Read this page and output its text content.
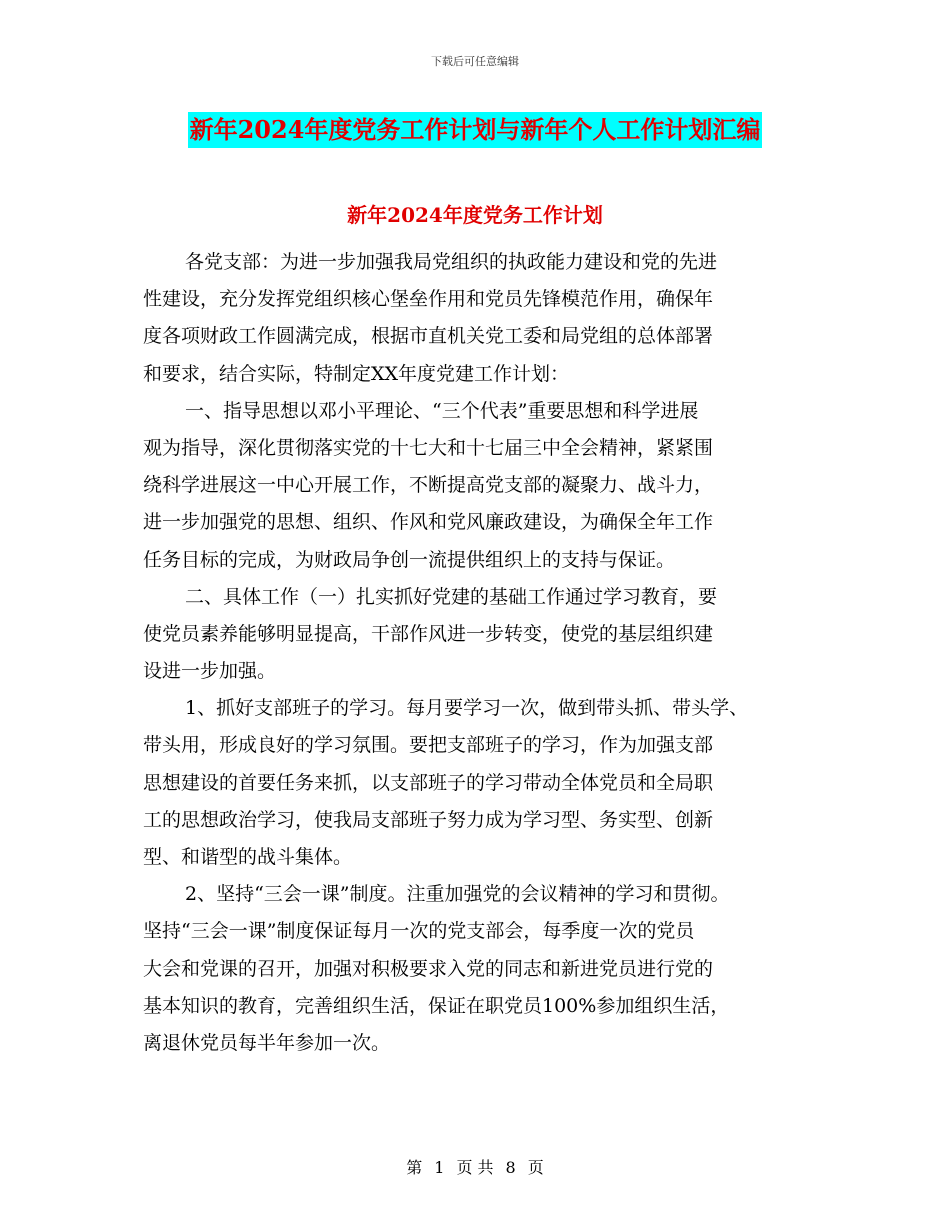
下载后可任意编辑
新年2024年度党务工作计划与新年个人工作计划汇编
新年2024年度党务工作计划
各党支部：为进一步加强我局党组织的执政能力建设和党的先进
性建设，充分发挥党组织核心堡垒作用和党员先锋模范作用，确保年
度各项财政工作圆满完成，根据市直机关党工委和局党组的总体部署
和要求，结合实际，特制定XX年度党建工作计划：
一、指导思想以邓小平理论、“三个代表”重要思想和科学进展
观为指导，深化贯彻落实党的十七大和十七届三中全会精神，紧紧围
绕科学进展这一中心开展工作，不断提高党支部的凝聚力、战斗力，
进一步加强党的思想、组织、作风和党风廉政建设，为确保全年工作
任务目标的完成，为财政局争创一流提供组织上的支持与保证。
二、具体工作（一）扎实抓好党建的基础工作通过学习教育，要
使党员素养能够明显提高，干部作风进一步转变，使党的基层组织建
设进一步加强。
1、抓好支部班子的学习。每月要学习一次，做到带头抓、带头学、
带头用，形成良好的学习氛围。要把支部班子的学习，作为加强支部
思想建设的首要任务来抓，以支部班子的学习带动全体党员和全局职
工的思想政治学习，使我局支部班子努力成为学习型、务实型、创新
型、和谐型的战斗集体。
2、坚持“三会一课”制度。注重加强党的会议精神的学习和贯彻。
坚持“三会一课”制度保证每月一次的党支部会，每季度一次的党员
大会和党课的召开，加强对积极要求入党的同志和新进党员进行党的
基本知识的教育，完善组织生活，保证在职党员100%参加组织生活，
离退休党员每半年参加一次。
第 1 页 共 8 页
